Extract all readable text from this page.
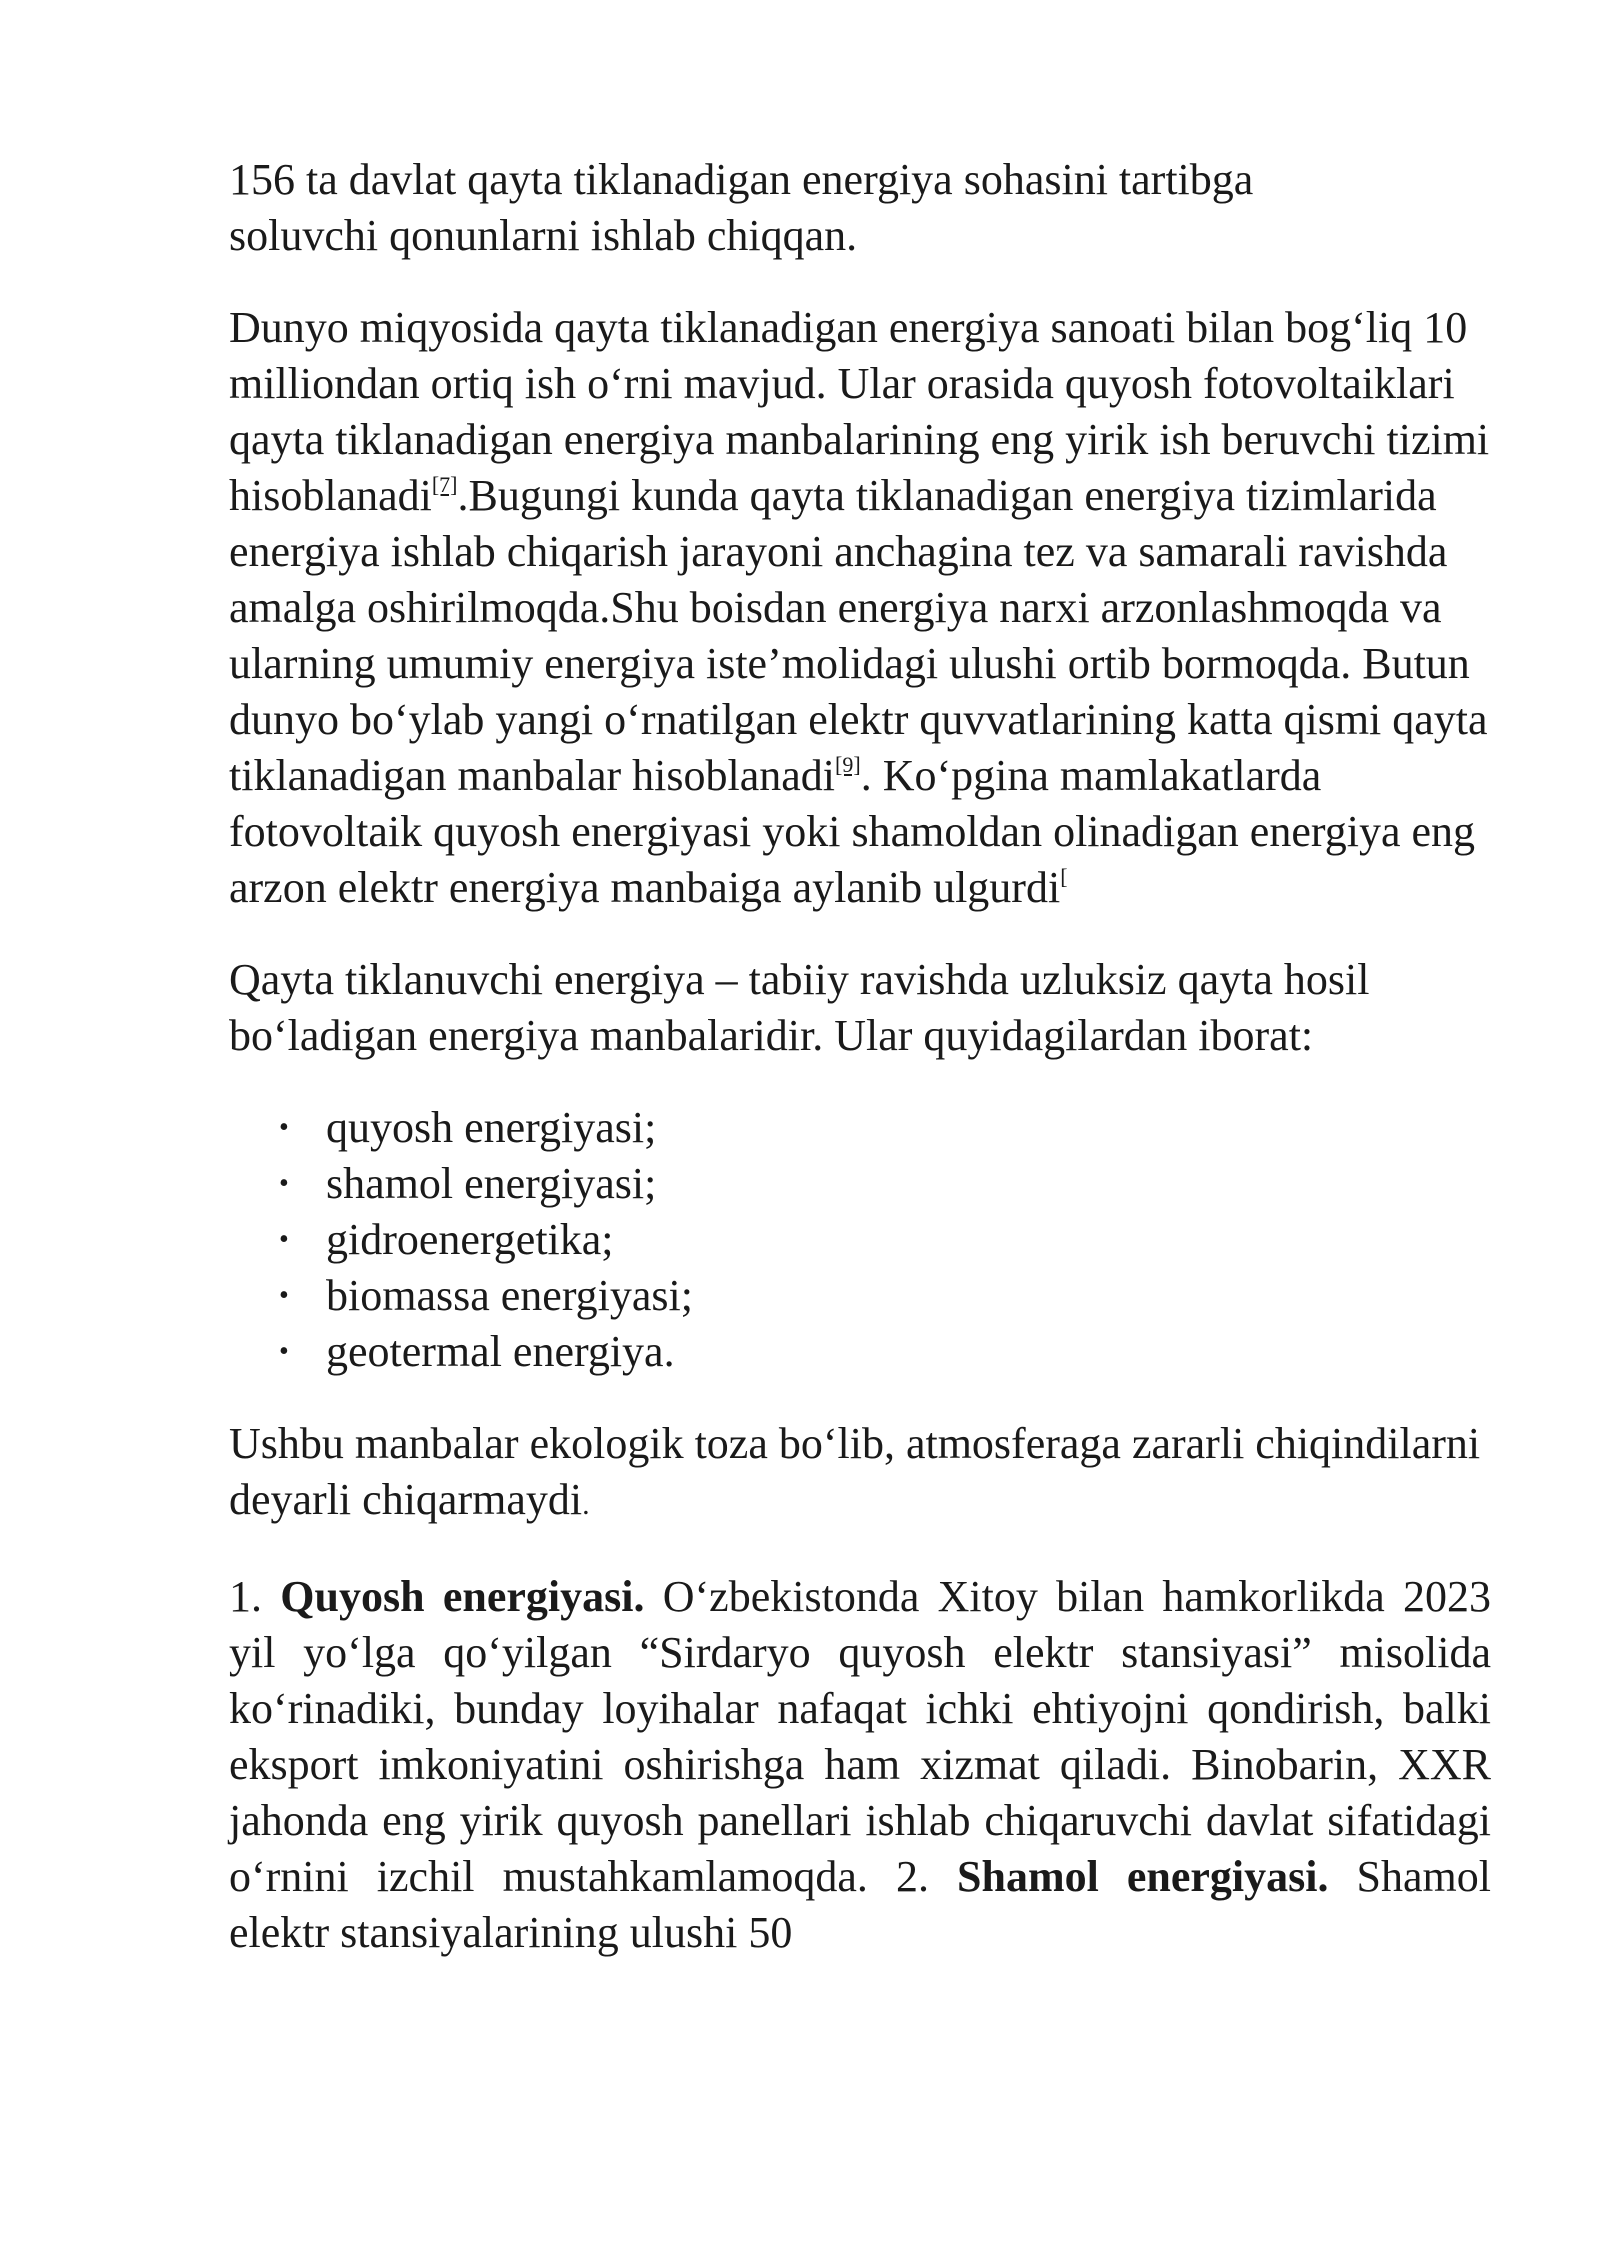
156 ta davlat qayta tiklanadigan energiya sohasini tartibga soluvchi qonunlarni ishlab chiqqan.

Dunyo miqyosida qayta tiklanadigan energiya sanoati bilan bog‘liq 10 milliondan ortiq ish o‘rni mavjud. Ular orasida quyosh fotovoltaiklari qayta tiklanadigan energiya manbalarining eng yirik ish beruvchi tizimi hisoblanadi[7].Bugungi kunda qayta tiklanadigan energiya tizimlarida energiya ishlab chiqarish jarayoni anchagina tez va samarali ravishda amalga oshirilmoqda.Shu boisdan energiya narxi arzonlashmoqda va ularning umumiy energiya iste’molidagi ulushi ortib bormoqda. Butun dunyo bo‘ylab yangi o‘rnatilgan elektr quvvatlarining katta qismi qayta tiklanadigan manbalar hisoblanadi[9]. Ko‘pgina mamlakatlarda fotovoltaik quyosh energiyasi yoki shamoldan olinadigan energiya eng arzon elektr energiya manbaiga aylanib ulgurdi[

Qayta tiklanuvchi energiya – tabiiy ravishda uzluksiz qayta hosil bo‘ladigan energiya manbalaridir. Ular quyidagilardan iborat:

• quyosh energiyasi;
• shamol energiyasi;
• gidroenergetika;
• biomassa energiyasi;
• geotermal energiya.

Ushbu manbalar ekologik toza bo‘lib, atmosferaga zararli chiqindilarni deyarli chiqarmaydi.

1. Quyosh energiyasi. O‘zbekistonda Xitoy bilan hamkorlikda 2023 yil yo‘lga qo‘yilgan “Sirdaryo quyosh elektr stansiyasi” misolida ko‘rinadiki, bunday loyihalar nafaqat ichki ehtiyojni qondirish, balki eksport imkoniyatini oshirishga ham xizmat qiladi. Binobarin, XXR jahonda eng yirik quyosh panellari ishlab chiqaruvchi davlat sifatidagi o‘rnini izchil mustahkamlamoqda. 2. Shamol energiyasi. Shamol elektr stansiyalarining ulushi 50
